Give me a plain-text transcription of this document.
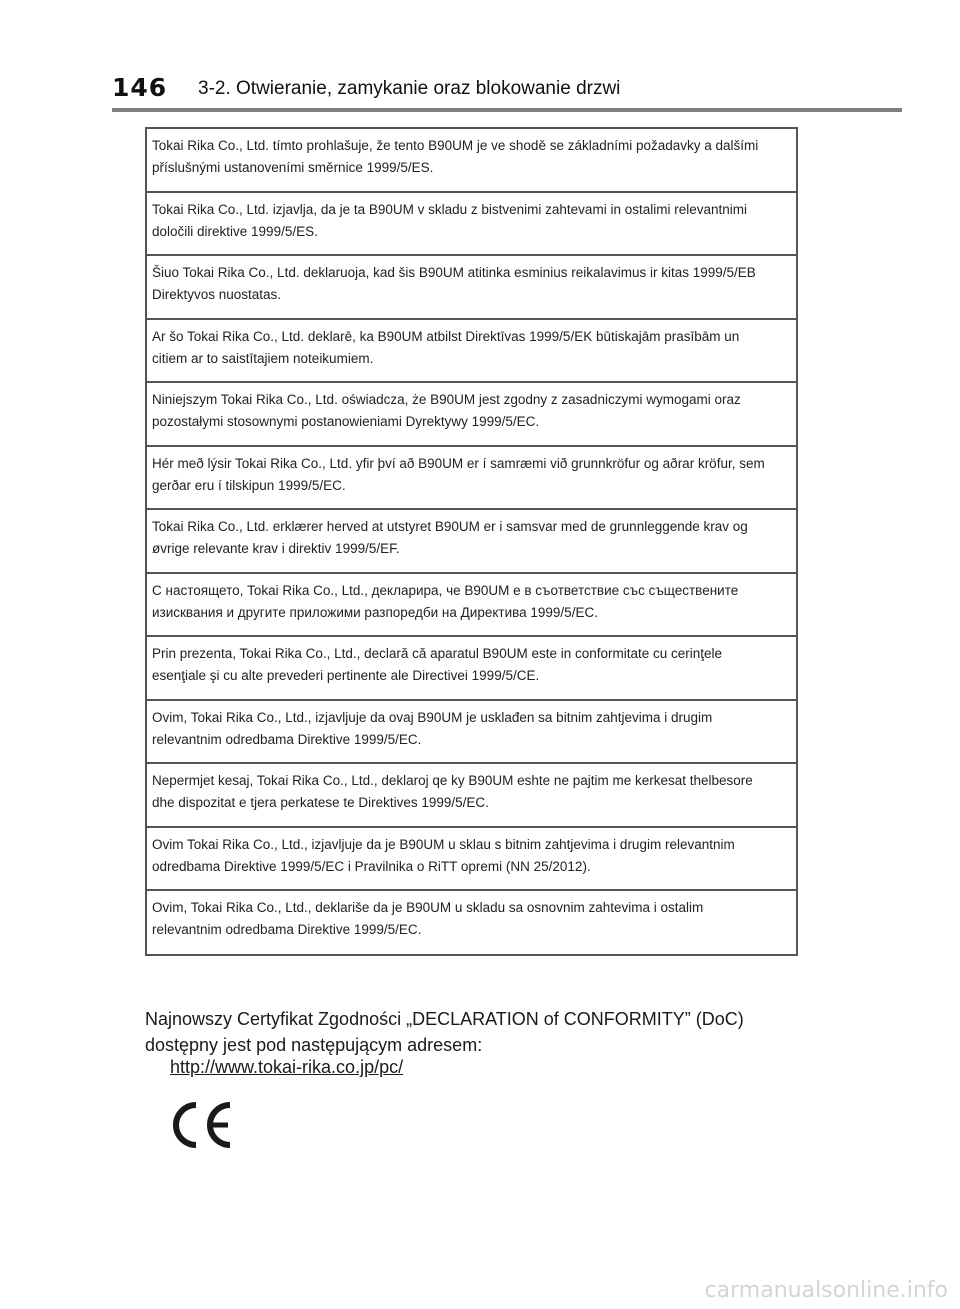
146 3-2. Otwieranie, zamykanie oraz blokowanie drzwi
Tokai Rika Co., Ltd. tímto prohlašuje, že tento B90UM je ve shodě se základními požadavky a dalšími
příslušnými ustanoveními směrnice 1999/5/ES.
Tokai Rika Co., Ltd. izjavlja, da je ta B90UM v skladu z bistvenimi zahtevami in ostalimi relevantnimi
določili direktive 1999/5/ES.
Šiuo Tokai Rika Co., Ltd. deklaruoja, kad šis B90UM atitinka esminius reikalavimus ir kitas 1999/5/EB
Direktyvos nuostatas.
Ar šo Tokai Rika Co., Ltd. deklarē, ka B90UM atbilst Direktīvas 1999/5/EK būtiskajām prasībām un
citiem ar to saistītajiem noteikumiem.
Niniejszym Tokai Rika Co., Ltd. oświadcza, że B90UM jest zgodny z zasadniczymi wymogami oraz
pozostałymi stosownymi postanowieniami Dyrektywy 1999/5/EC.
Hér með lýsir Tokai Rika Co., Ltd. yfir því að B90UM er í samræmi við grunnkröfur og aðrar kröfur, sem
gerðar eru í tilskipun 1999/5/EC.
Tokai Rika Co., Ltd. erklærer herved at utstyret B90UM er i samsvar med de grunnleggende krav og
øvrige relevante krav i direktiv 1999/5/EF.
С настоящето, Tokai Rika Co., Ltd., декларира, че B90UM е в съответствие със съществените
изисквания и другите приложими разпоредби на Директива 1999/5/ЕС.
Prin prezenta, Tokai Rika Co., Ltd., declară că aparatul B90UM este in conformitate cu cerinţele
esenţiale şi cu alte prevederi pertinente ale Directivei 1999/5/CE.
Ovim, Tokai Rika Co., Ltd., izjavljuje da ovaj B90UM je usklađen sa bitnim zahtjevima i drugim
relevantnim odredbama Direktive 1999/5/EC.
Nepermjet kesaj, Tokai Rika Co., Ltd., deklaroj qe ky B90UM eshte ne pajtim me kerkesat thelbesore
dhe dispozitat e tjera perkatese te Direktives 1999/5/EC.
Ovim Tokai Rika Co., Ltd., izjavljuje da je B90UM u sklau s bitnim zahtjevima i drugim relevantnim
odredbama Direktive 1999/5/EC i Pravilnika o RiTT opremi (NN 25/2012).
Ovim, Tokai Rika Co., Ltd., deklariše da je B90UM u skladu sa osnovnim zahtevima i ostalim
relevantnim odredbama Direktive 1999/5/EC.
Najnowszy Certyfikat Zgodności „DECLARATION of CONFORMITY” (DoC)
dostępny jest pod następującym adresem:
http://www.tokai-rika.co.jp/pc/
carmanualsonline.info
